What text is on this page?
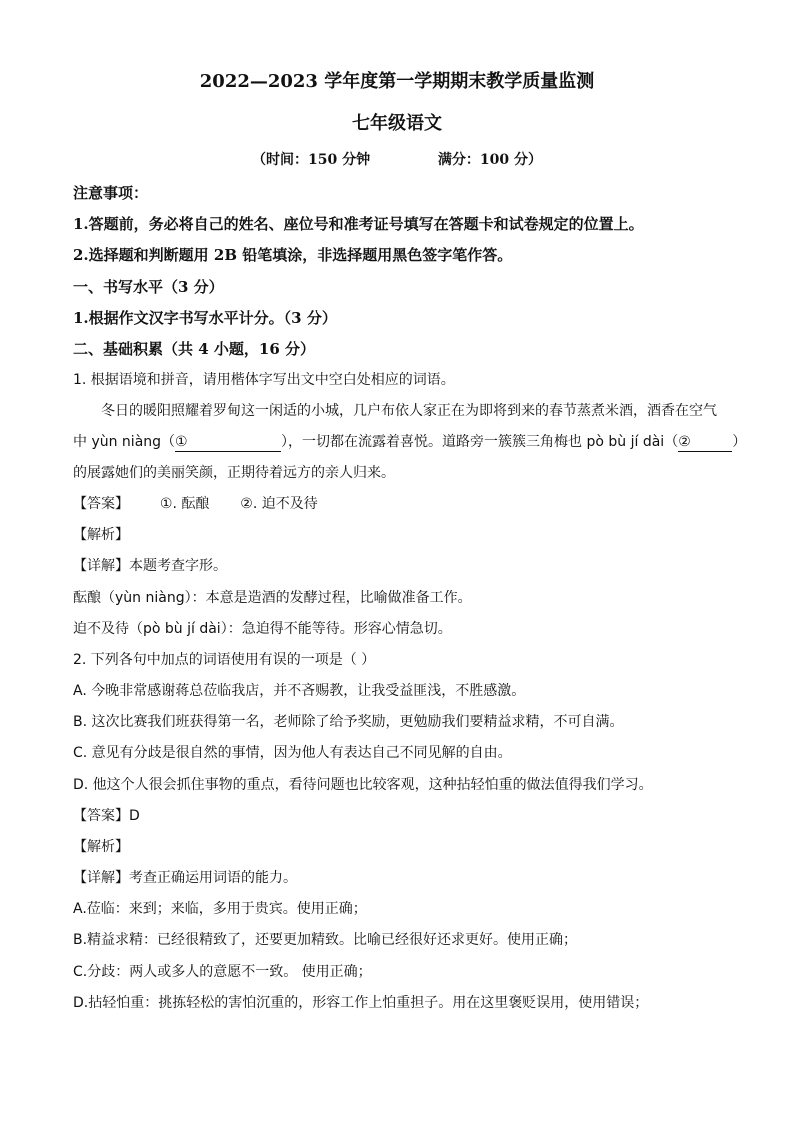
2022—2023 学年度第一学期期末教学质量监测
七年级语文
（时间：150 分钟	满分：100 分）
注意事项：
1.答题前，务必将自己的姓名、座位号和准考证号填写在答题卡和试卷规定的位置上。
2.选择题和判断题用 2B 铅笔填涂，非选择题用黑色签字笔作答。
一、书写水平（3 分）
1.根据作文汉字书写水平计分。（3 分）
二、基础积累（共 4 小题，16 分）
1. 根据语境和拼音，请用楷体字写出文中空白处相应的词语。
冬日的暖阳照耀着罗甸这一闲适的小城，几户布依人家正在为即将到来的春节蒸煮米酒，酒香在空气
中 yùn niàng（①	），一切都在流露着喜悦。道路旁一簇簇三角梅也 pò bù jí dài（②	）
的展露她们的美丽笑颜，正期待着远方的亲人归来。
【答案】 ①. 酝酿 ②. 迫不及待
【解析】
【详解】本题考查字形。
酝酿（yùn niàng）：本意是造酒的发酵过程，比喻做准备工作。
迫不及待（pò bù jí dài）：急迫得不能等待。形容心情急切。
2. 下列各句中加点的词语使用有误的一项是（ ）
A. 今晚非常感谢蒋总莅临我店，并不吝赐教，让我受益匪浅，不胜感激。
B. 这次比赛我们班获得第一名，老师除了给予奖励，更勉励我们要精益求精，不可自满。
C. 意见有分歧是很自然的事情，因为他人有表达自己不同见解的自由。
D. 他这个人很会抓住事物的重点，看待问题也比较客观，这种拈轻怕重的做法值得我们学习。
【答案】D
【解析】
【详解】考查正确运用词语的能力。
A.莅临：来到；来临，多用于贵宾。使用正确；
B.精益求精：已经很精致了，还要更加精致。比喻已经很好还求更好。使用正确；
C.分歧：两人或多人的意愿不一致。 使用正确；
D.拈轻怕重：挑拣轻松的害怕沉重的，形容工作上怕重担子。用在这里褒贬误用，使用错误；
